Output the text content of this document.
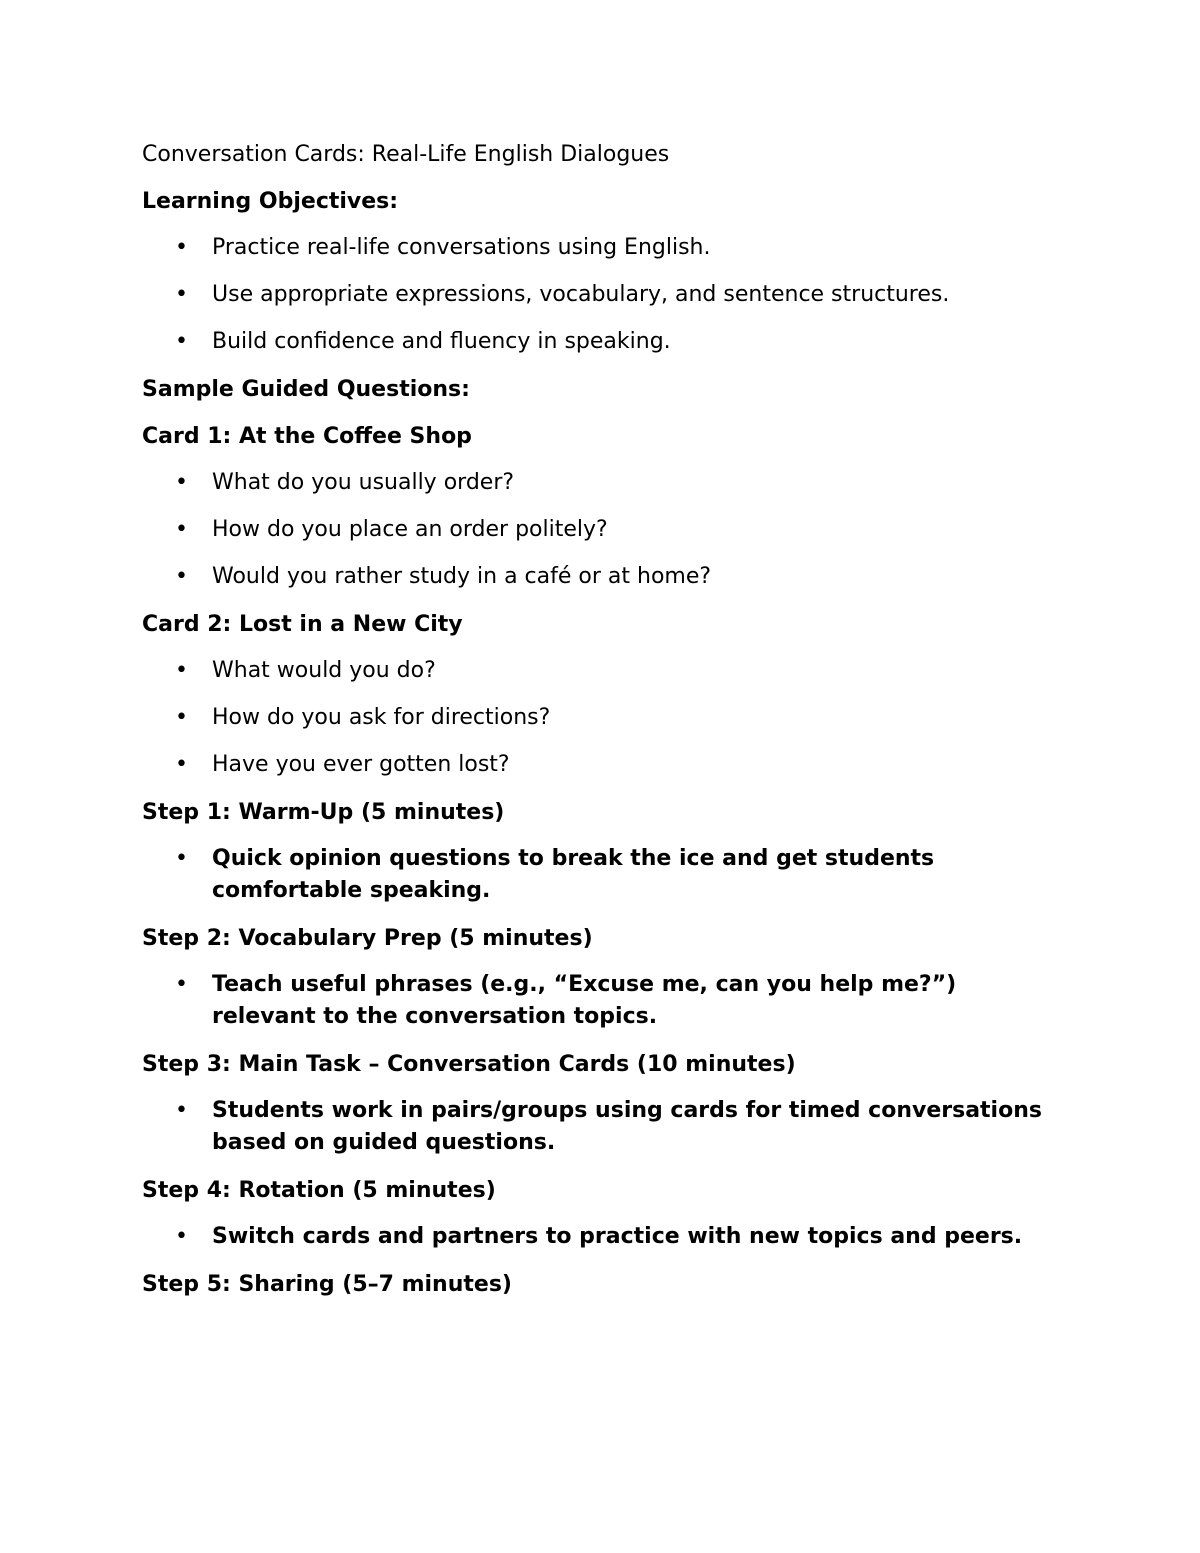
Conversation Cards: Real-Life English Dialogues
Learning Objectives:
• Practice real-life conversations using English.
• Use appropriate expressions, vocabulary, and sentence structures.
• Build confidence and fluency in speaking.
Sample Guided Questions:
Card 1: At the Coffee Shop
• What do you usually order?
• How do you place an order politely?
• Would you rather study in a café or at home?
Card 2: Lost in a New City
• What would you do?
• How do you ask for directions?
• Have you ever gotten lost?
Step 1: Warm-Up (5 minutes)
• Quick opinion questions to break the ice and get students comfortable speaking.
Step 2: Vocabulary Prep (5 minutes)
• Teach useful phrases (e.g., “Excuse me, can you help me?”) relevant to the conversation topics.
Step 3: Main Task – Conversation Cards (10 minutes)
• Students work in pairs/groups using cards for timed conversations based on guided questions.
Step 4: Rotation (5 minutes)
• Switch cards and partners to practice with new topics and peers.
Step 5: Sharing (5–7 minutes)
